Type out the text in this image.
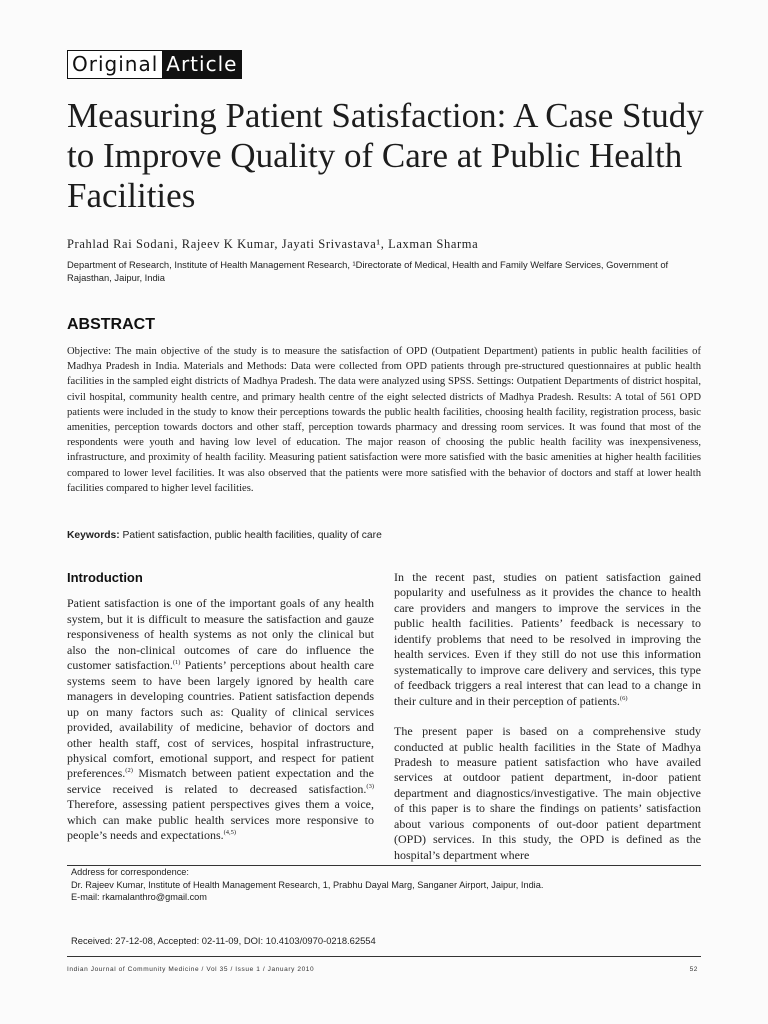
Original Article
Measuring Patient Satisfaction: A Case Study to Improve Quality of Care at Public Health Facilities
Prahlad Rai Sodani, Rajeev K Kumar, Jayati Srivastava¹, Laxman Sharma
Department of Research, Institute of Health Management Research, ¹Directorate of Medical, Health and Family Welfare Services, Government of Rajasthan, Jaipur, India
ABSTRACT
Objective: The main objective of the study is to measure the satisfaction of OPD (Outpatient Department) patients in public health facilities of Madhya Pradesh in India. Materials and Methods: Data were collected from OPD patients through pre-structured questionnaires at public health facilities in the sampled eight districts of Madhya Pradesh. The data were analyzed using SPSS. Settings: Outpatient Departments of district hospital, civil hospital, community health centre, and primary health centre of the eight selected districts of Madhya Pradesh. Results: A total of 561 OPD patients were included in the study to know their perceptions towards the public health facilities, choosing health facility, registration process, basic amenities, perception towards doctors and other staff, perception towards pharmacy and dressing room services. It was found that most of the respondents were youth and having low level of education. The major reason of choosing the public health facility was inexpensiveness, infrastructure, and proximity of health facility. Measuring patient satisfaction were more satisfied with the basic amenities at higher health facilities compared to lower level facilities. It was also observed that the patients were more satisfied with the behavior of doctors and staff at lower health facilities compared to higher level facilities.
Keywords: Patient satisfaction, public health facilities, quality of care

Introduction

Patient satisfaction is one of the important goals of any health system, but it is difficult to measure the satisfaction and gauze responsiveness of health systems as not only the clinical but also the non-clinical outcomes of care do influence the customer satisfaction.$^{(1)}$ Patients’ perceptions about health care systems seem to have been largely ignored by health care managers in developing countries. Patient satisfaction depends up on many factors such as: Quality of clinical services provided, availability of medicine, behavior of doctors and other health staff, cost of services, hospital infrastructure, physical comfort, emotional support, and respect for patient preferences.$^{(2)}$ Mismatch between patient expectation and the service received is related to decreased satisfaction.$^{(3)}$ Therefore, assessing patient perspectives gives them a voice, which can make public health services more responsive to people’s needs and expectations.$^{(4,5)}$

In the recent past, studies on patient satisfaction gained popularity and usefulness as it provides the chance to health care providers and mangers to improve the services in the public health facilities. Patients’ feedback is necessary to identify problems that need to be resolved in improving the health services. Even if they still do not use this information systematically to improve care delivery and services, this type of feedback triggers a real interest that can lead to a change in their culture and in their perception of patients.$^{(6)}$

The present paper is based on a comprehensive study conducted at public health facilities in the State of Madhya Pradesh to measure patient satisfaction who have availed services at outdoor patient department, in-door patient department and diagnostics/investigative. The main objective of this paper is to share the findings on patients’ satisfaction about various components of out-door patient department (OPD) services. In this study, the OPD is defined as the hospital’s department where

Address for correspondence:
Dr. Rajeev Kumar, Institute of Health Management Research, 1, Prabhu Dayal Marg, Sanganer Airport, Jaipur, India.
E-mail: rkamalanthro@gmail.com
Received: 27-12-08, Accepted: 02-11-09, DOI: 10.4103/0970-0218.62554
Indian Journal of Community Medicine / Vol 35 / Issue 1 / January 2010	52
